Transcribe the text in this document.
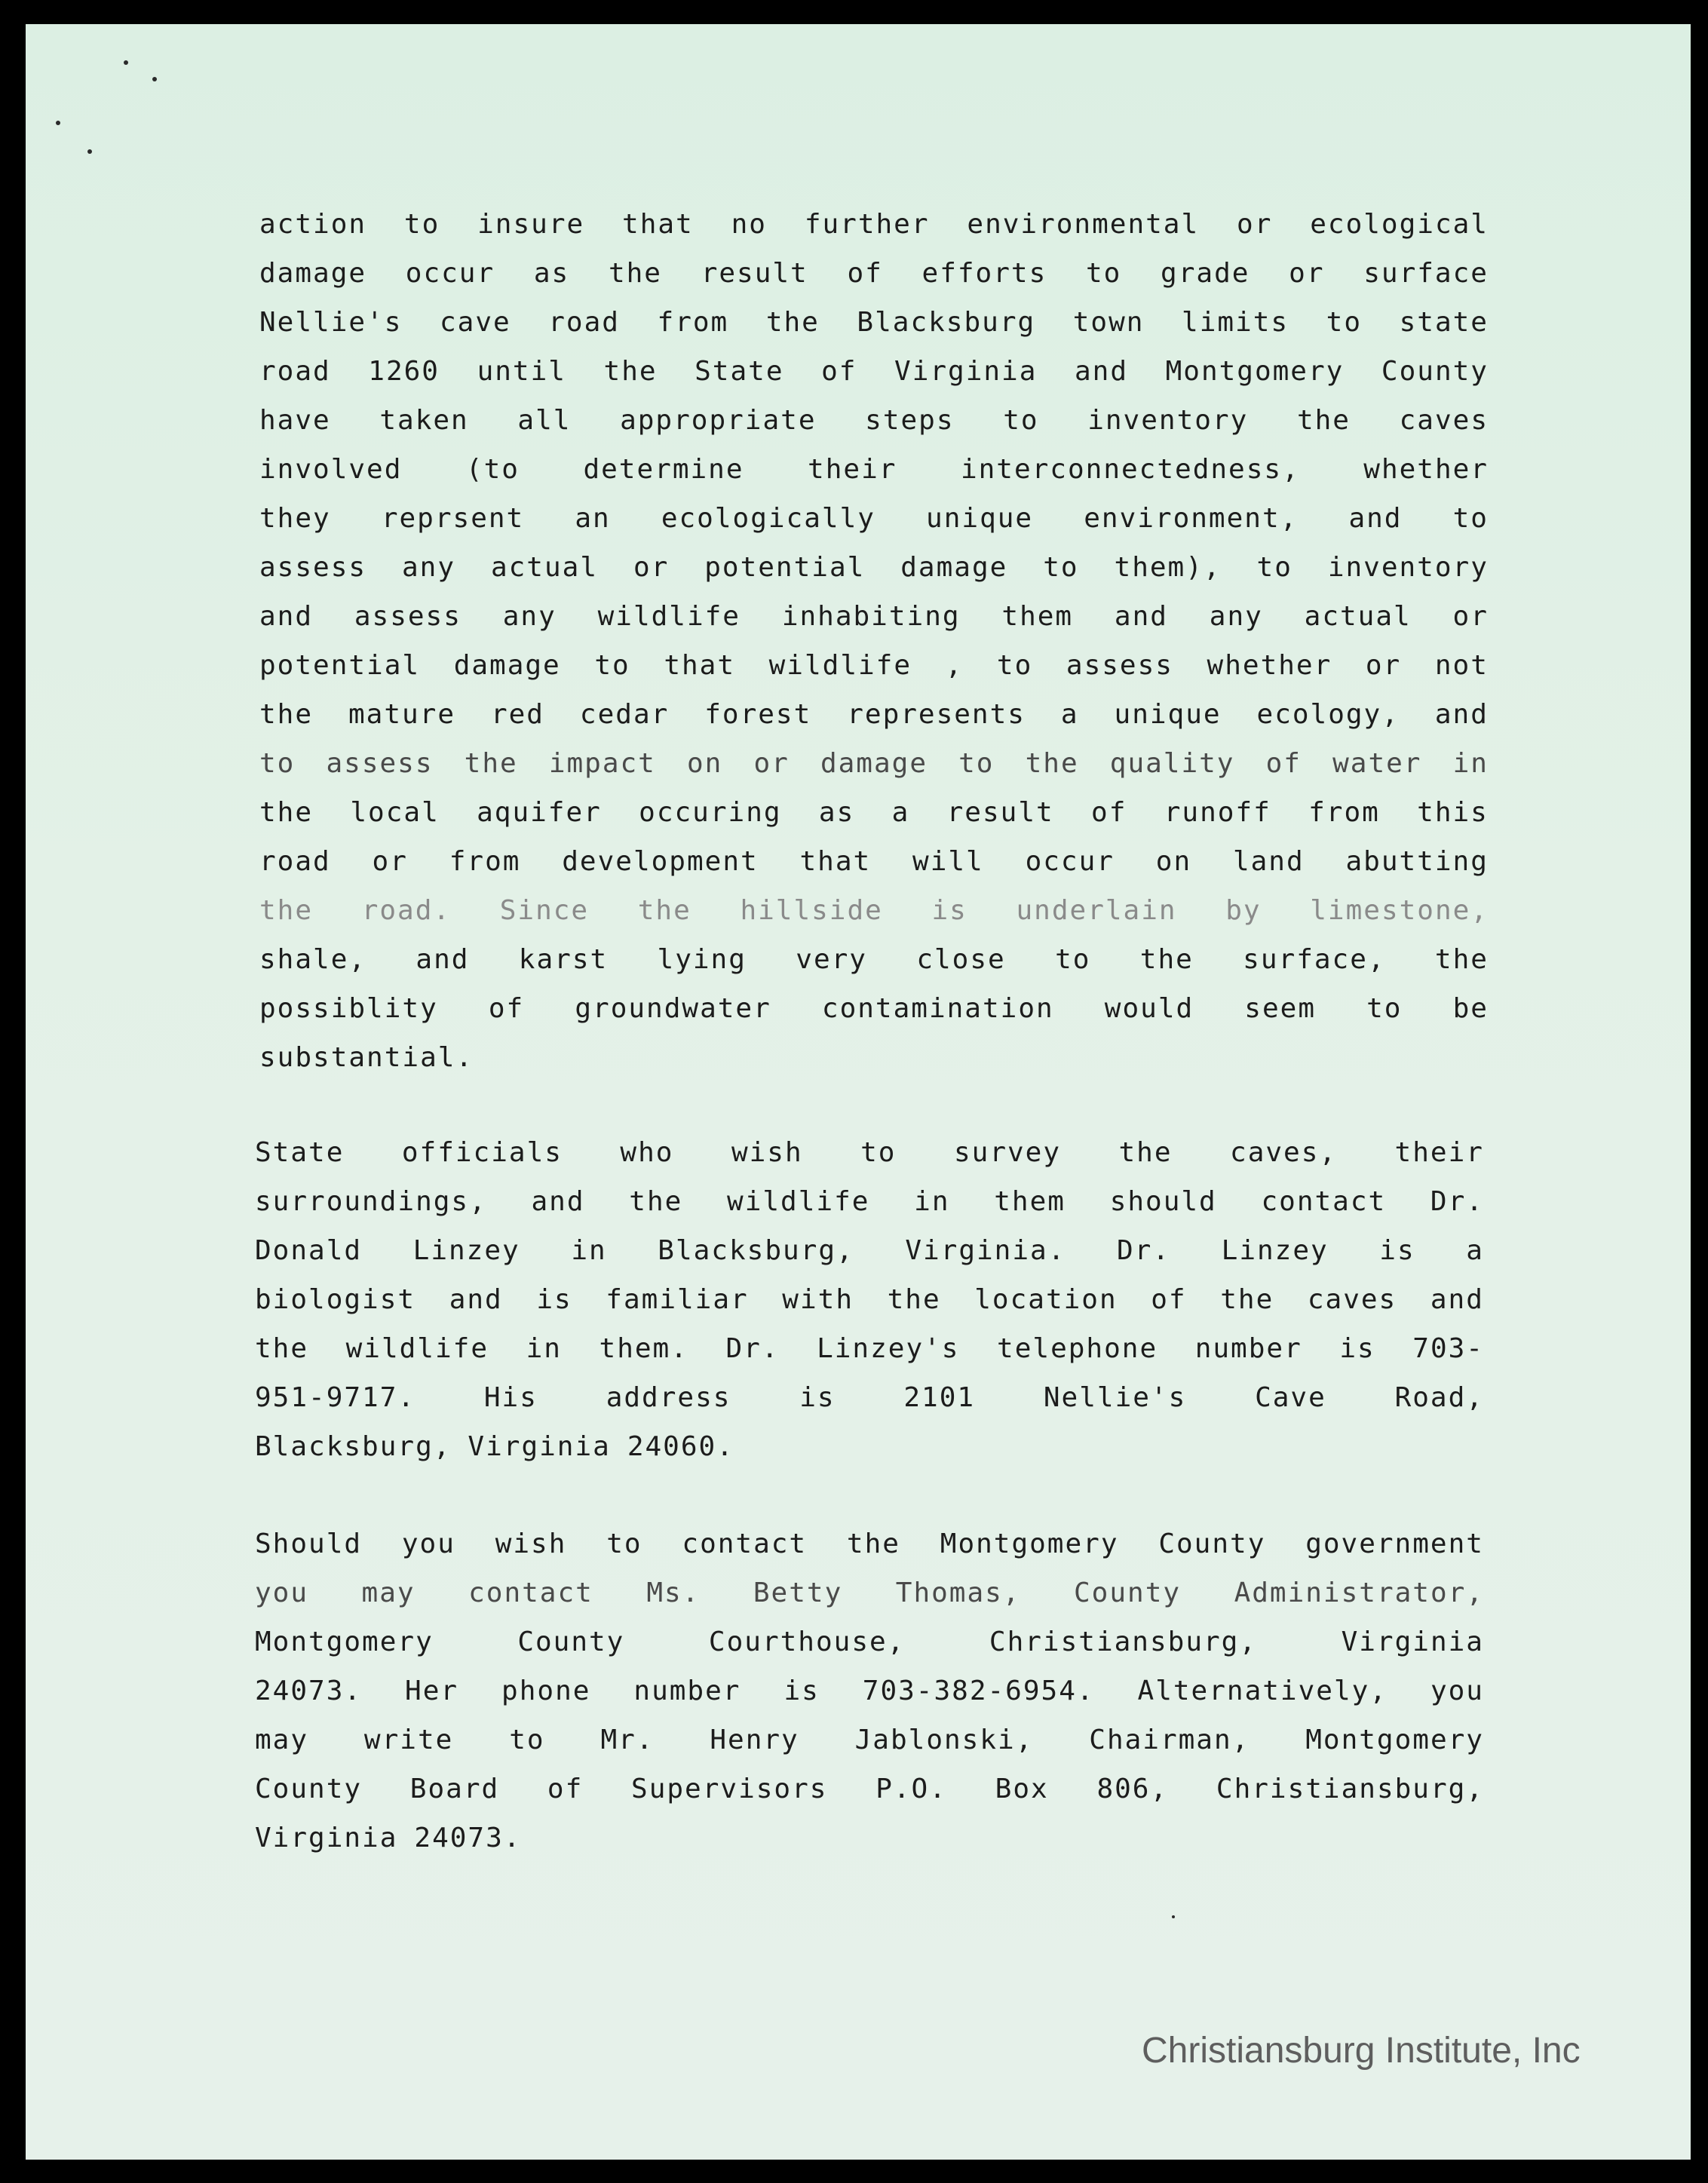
action to insure that no further environmental or ecological
damage occur as the result of efforts to grade or surface
Nellie's cave road from the Blacksburg town limits to state
road 1260 until the State of Virginia and Montgomery County
have taken all appropriate steps to inventory the caves
involved (to determine their interconnectedness, whether
they reprsent an ecologically unique environment, and to
assess any actual or potential damage to them), to inventory
and assess any wildlife inhabiting them and any actual or
potential damage to that wildlife , to assess whether or not
the mature red cedar forest represents a unique ecology, and
to assess the impact on or damage to the quality of water in
the local aquifer occuring as a result of runoff from this
road or from development that will occur on land abutting
the road. Since the hillside is underlain by limestone,
shale, and karst lying very close to the surface, the
possiblity of groundwater contamination would seem to be
substantial.
State officials who wish to survey the caves, their
surroundings, and the wildlife in them should contact Dr.
Donald Linzey in Blacksburg, Virginia. Dr. Linzey is a
biologist and is familiar with the location of the caves and
the wildlife in them. Dr. Linzey's telephone number is 703-
951-9717.	His	address	is	2101	Nellie's	Cave	Road,
Blacksburg, Virginia 24060.
Should you wish to contact the Montgomery County government
you may contact Ms. Betty Thomas, County Administrator,
Montgomery	County	Courthouse,	Christiansburg,	Virginia
24073. Her phone number is 703-382-6954. Alternatively, you
may write to Mr. Henry Jablonski, Chairman, Montgomery
County Board of Supervisors P.O. Box 806, Christiansburg,
Virginia 24073.
Christiansburg Institute, Inc
